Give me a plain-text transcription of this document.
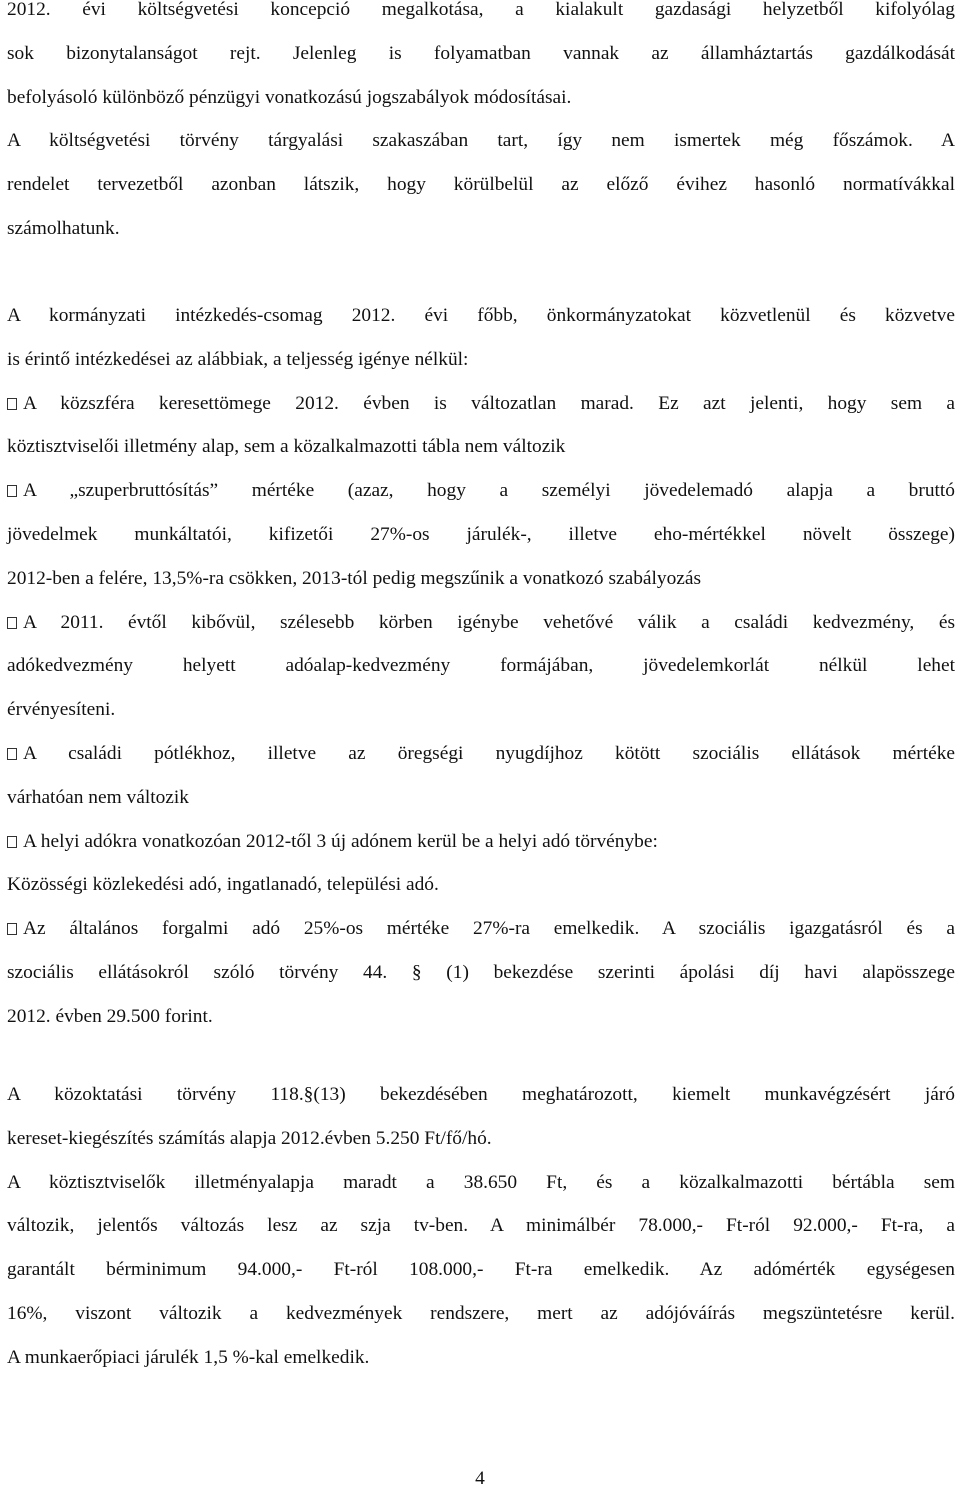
2012. évi költségvetési koncepció megalkotása, a kialakult gazdasági helyzetből kifolyólag

sok bizonytalanságot rejt. Jelenleg is folyamatban vannak az államháztartás gazdálkodását

befolyásoló különböző pénzügyi vonatkozású jogszabályok módosításai.

A költségvetési törvény tárgyalási szakaszában tart, így nem ismertek még főszámok. A

rendelet tervezetből azonban látszik, hogy körülbelül az előző évihez hasonló normatívákkal

számolhatunk.

A kormányzati intézkedés-csomag 2012. évi főbb, önkormányzatokat közvetlenül és közvetve

is érintő intézkedései az alábbiak, a teljesség igénye nélkül:

A közszféra keresettömege 2012. évben is változatlan marad. Ez azt jelenti, hogy sem a

köztisztviselői illetmény alap, sem a közalkalmazotti tábla nem változik

A „szuperbruttósítás” mértéke (azaz, hogy a személyi jövedelemadó alapja a bruttó

jövedelmek munkáltatói, kifizetői 27%-os járulék-, illetve eho-mértékkel növelt összege)

2012-ben a felére, 13,5%-ra csökken, 2013-tól pedig megszűnik a vonatkozó szabályozás

A 2011. évtől kibővül, szélesebb körben igénybe vehetővé válik a családi kedvezmény, és

adókedvezmény helyett adóalap-kedvezmény formájában, jövedelemkorlát nélkül lehet

érvényesíteni.

A családi pótlékhoz, illetve az öregségi nyugdíjhoz kötött szociális ellátások mértéke

várhatóan nem változik

A helyi adókra vonatkozóan 2012-től 3 új adónem kerül be a helyi adó törvénybe:

Közösségi közlekedési adó, ingatlanadó, települési adó.

Az általános forgalmi adó 25%-os mértéke 27%-ra emelkedik. A szociális igazgatásról és a

szociális ellátásokról szóló törvény 44. § (1) bekezdése szerinti ápolási díj havi alapösszege

2012. évben 29.500 forint.

A közoktatási törvény 118.§(13) bekezdésében meghatározott, kiemelt munkavégzésért járó

kereset-kiegészítés számítás alapja 2012.évben 5.250 Ft/fő/hó.

A köztisztviselők illetményalapja maradt a 38.650 Ft, és a közalkalmazotti bértábla sem

változik, jelentős változás lesz az szja tv-ben. A minimálbér 78.000,- Ft-ról 92.000,- Ft-ra, a

garantált bérminimum 94.000,- Ft-ról 108.000,- Ft-ra emelkedik. Az adómérték egységesen

16%, viszont változik a kedvezmények rendszere, mert az adójóváírás megszüntetésre kerül.

A munkaerőpiaci járulék 1,5 %-kal emelkedik.

4
